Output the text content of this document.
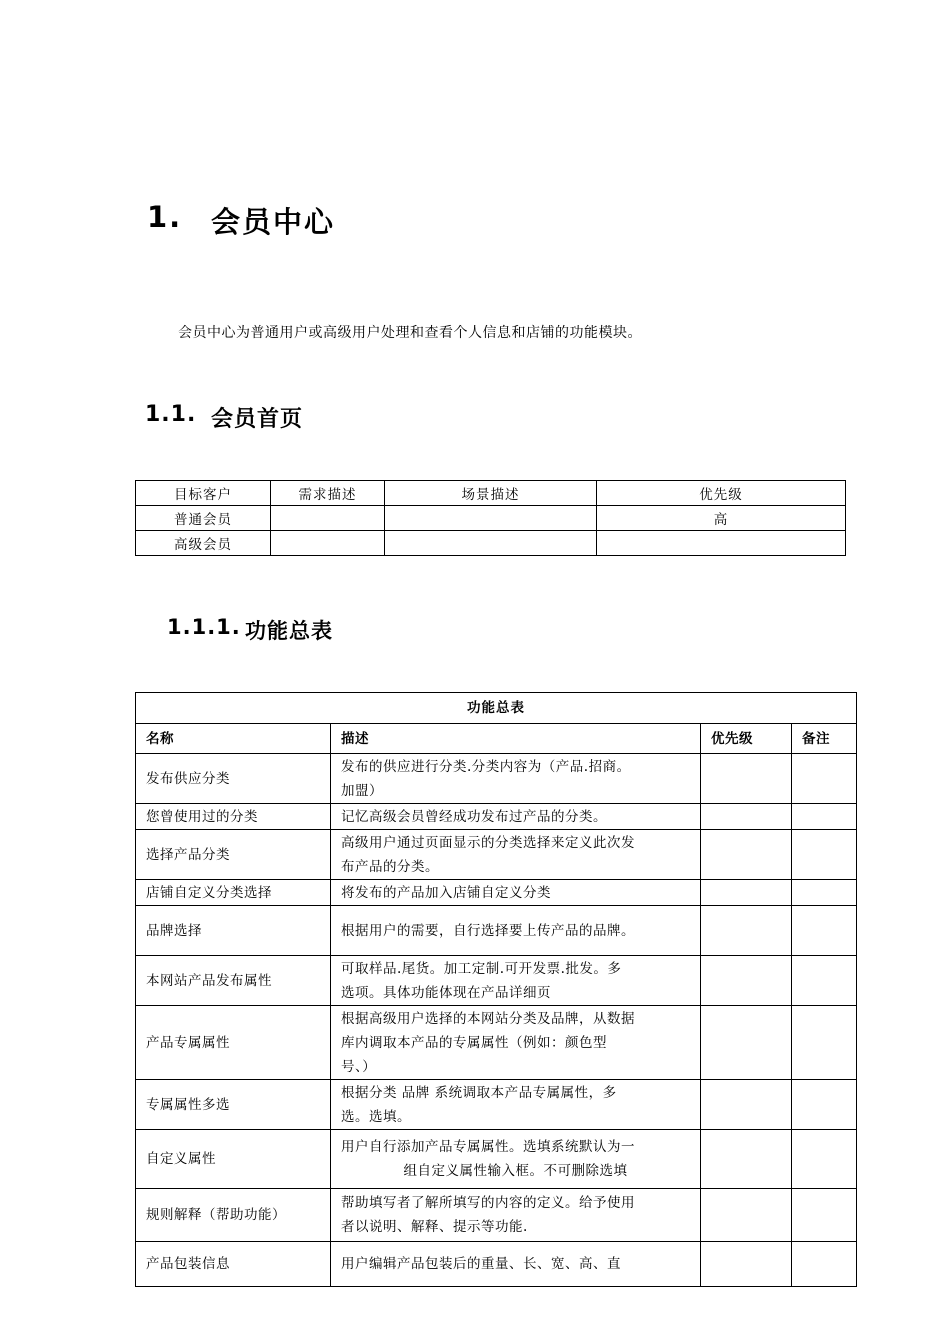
1. 会员中心
会员中心为普通用户或高级用户处理和查看个人信息和店铺的功能模块。
1.1. 会员首页
目标客户	需求描述	场景描述	优先级
普通会员			高
高级会员			
1.1.1. 功能总表
功能总表			
名称	描述	优先级	备注
发布供应分类	发布的供应进行分类.分类内容为（产品.招商。
加盟）		

您曾使用过的分类	记忆高级会员曾经成功发布过产品的分类。		

选择产品分类	高级用户通过页面显示的分类选择来定义此次发
布产品的分类。		

店铺自定义分类选择	将发布的产品加入店铺自定义分类		

品牌选择	根据用户的需要，自行选择要上传产品的品牌。		

本网站产品发布属性	可取样品.尾货。加工定制.可开发票.批发。多
选项。具体功能体现在产品详细页		

产品专属属性	根据高级用户选择的本网站分类及品牌，从数据
库内调取本产品的专属属性（例如：颜色型
号、）		

专属属性多选	根据分类 品牌 系统调取本产品专属属性，多
选。选填。		

自定义属性	用户自行添加产品专属属性。选填系统默认为一
组自定义属性输入框。不可删除选填		

规则解释（帮助功能）	帮助填写者了解所填写的内容的定义。给予使用
者以说明、解释、提示等功能.		

产品包装信息	用户编辑产品包装后的重量、长、宽、高、直		
